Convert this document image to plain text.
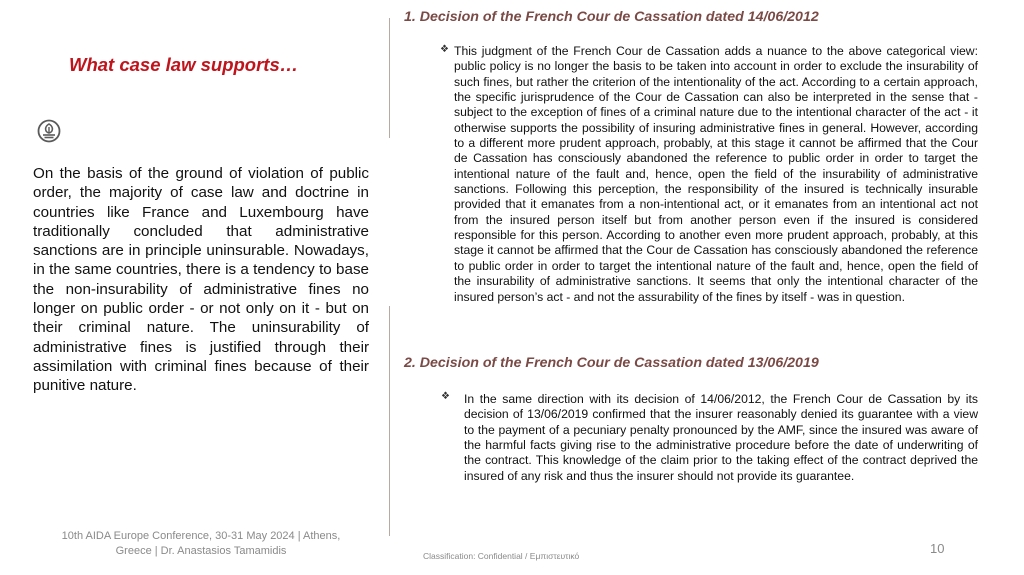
What case law supports…
On the basis of the ground of violation of public order, the majority of case law and doctrine in countries like France and Luxembourg have traditionally concluded that administrative sanctions are in principle uninsurable. Nowadays, in the same countries, there is a tendency to base the non-insurability of administrative fines no longer on public order - or not only on it - but on their criminal nature. The uninsurability of administrative fines is justified through their assimilation with criminal fines because of their punitive nature.
1. Decision of the French Cour de Cassation dated 14/06/2012
❖ This judgment of the French Cour de Cassation adds a nuance to the above categorical view: public policy is no longer the basis to be taken into account in order to exclude the insurability of such fines, but rather the criterion of the intentionality of the act. According to a certain approach, the specific jurisprudence of the Cour de Cassation can also be interpreted in the sense that - subject to the exception of fines of a criminal nature due to the intentional character of the act - it otherwise supports the possibility of insuring administrative fines in general. However, according to a different more prudent approach, probably, at this stage it cannot be affirmed that the Cour de Cassation has consciously abandoned the reference to public order in order to target the intentional nature of the fault and, hence, open the field of the insurability of administrative sanctions. Following this perception, the responsibility of the insured is technically insurable provided that it emanates from a non-intentional act, or it emanates from an intentional act not from the insured person itself but from another person even if the insured is considered responsible for this person. According to another even more prudent approach, probably, at this stage it cannot be affirmed that the Cour de Cassation has consciously abandoned the reference to public order in order to target the intentional nature of the fault and, hence, open the field of the insurability of administrative sanctions. It seems that only the intentional character of the insured person’s act - and not the assurability of the fines by itself - was in question.
2. Decision of the French Cour de Cassation dated 13/06/2019
❖ In the same direction with its decision of 14/06/2012, the French Cour de Cassation by its decision of 13/06/2019 confirmed that the insurer reasonably denied its guarantee with a view to the payment of a pecuniary penalty pronounced by the AMF, since the insured was aware of the harmful facts giving rise to the administrative procedure before the date of underwriting of the contract. This knowledge of the claim prior to the taking effect of the contract deprived the insured of any risk and thus the insurer should not provide its guarantee.
10th AIDA Europe Conference, 30-31 May 2024 | Athens, Greece | Dr. Anastasios Tamamidis	Classification: Confidential / Εμπιστευτικό	10
